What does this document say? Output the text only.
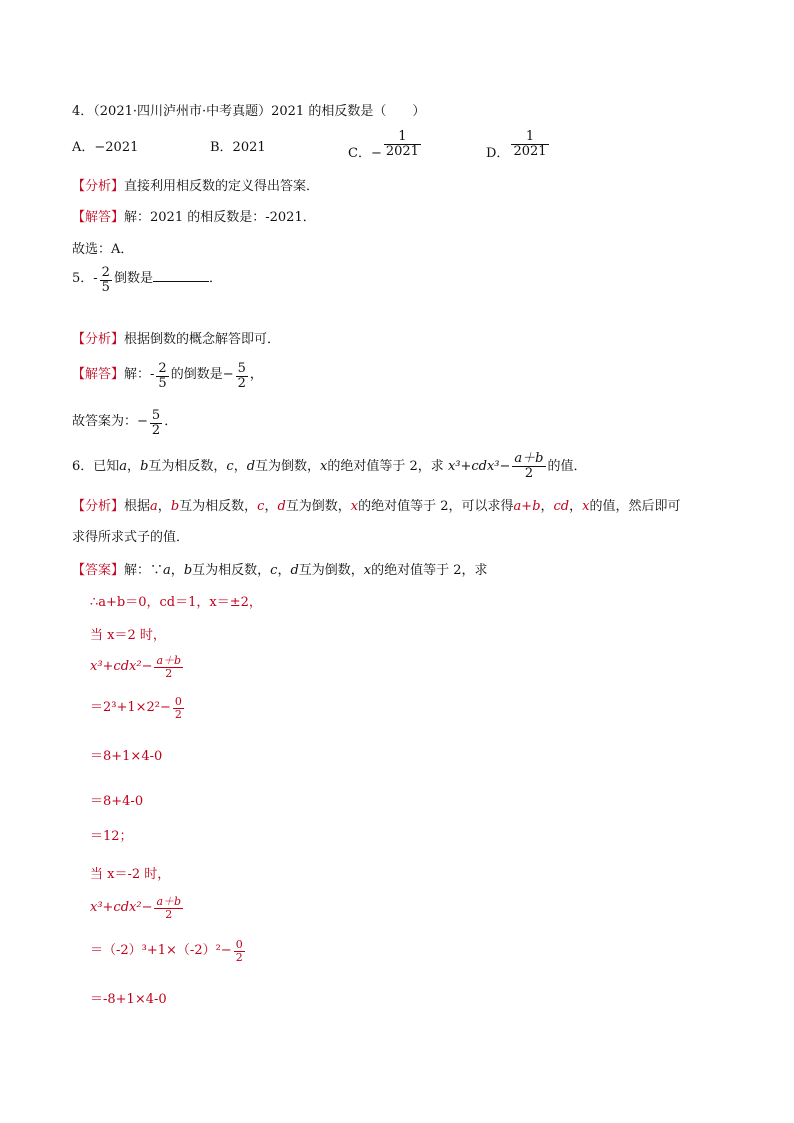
4．（2021·四川泸州市·中考真题）2021 的相反数是（　　）
A．−2021	B．2021	C．− $\frac{1}{2021}$	D． $\frac{1}{2021}$
【分析】直接利用相反数的定义得出答案．
【解答】解：2021 的相反数是：-2021．
故选：A．
5．- $\frac{2}{5}$ 倒数是	．
【分析】根据倒数的概念解答即可．
【解答】解：- $\frac{2}{5}$ 的倒数是− $\frac{5}{2}$ ，
故答案为：− $\frac{5}{2}$ ．
6．已知a，b互为相反数，c，d互为倒数，x的绝对值等于 2，求 $x^3+cdx^3- \frac{a+b}{2}$ 的值．
【分析】根据a，b互为相反数，c，d互为倒数，x的绝对值等于 2，可以求得a+b，cd，x的值，然后即可
求得所求式子的值．
【答案】解：∵a，b互为相反数，c，d互为倒数，x的绝对值等于 2，求
∴a+b＝0，cd＝1，x＝±2，
当 x＝2 时，
$x^3+cdx^2- \frac{a+b}{2}$
$=2^3+1\times 2^2- \frac{0}{2}$
＝8+1×4-0
＝8+4-0
＝12；
当 x＝-2 时，
$x^3+cdx^2- \frac{a+b}{2}$
$=(-2)^3+1\times(-2)^2- \frac{0}{2}$
＝-8+1×4-0
